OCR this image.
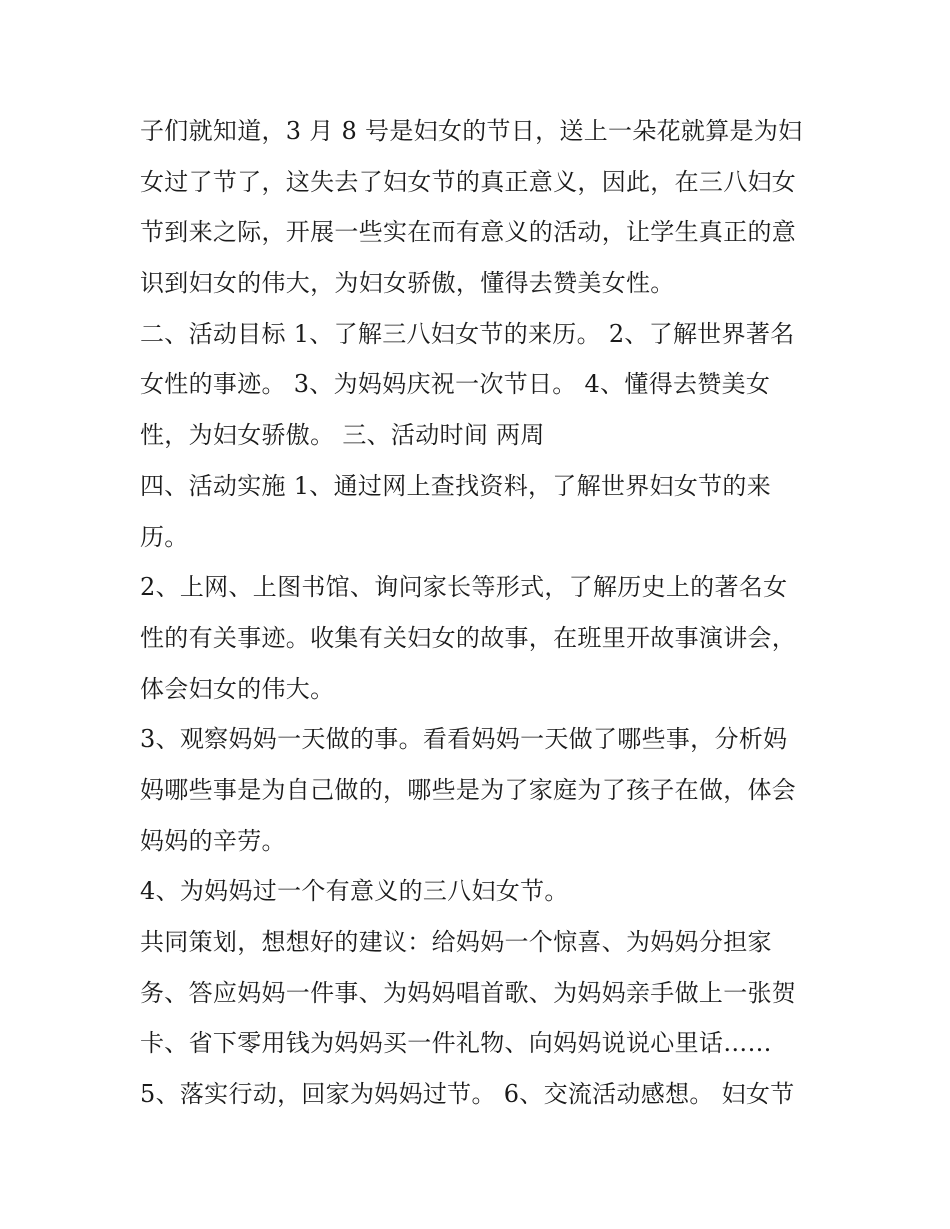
子们就知道，3 月 8 号是妇女的节日，送上一朵花就算是为妇
女过了节了，这失去了妇女节的真正意义，因此，在三八妇女
节到来之际，开展一些实在而有意义的活动，让学生真正的意
识到妇女的伟大，为妇女骄傲，懂得去赞美女性。
二、活动目标 1、了解三八妇女节的来历。 2、了解世界著名
女性的事迹。 3、为妈妈庆祝一次节日。 4、懂得去赞美女
性，为妇女骄傲。 三、活动时间 两周
四、活动实施 1、通过网上查找资料，了解世界妇女节的来
历。
2、上网、上图书馆、询问家长等形式，了解历史上的著名女
性的有关事迹。收集有关妇女的故事，在班里开故事演讲会，
体会妇女的伟大。
3、观察妈妈一天做的事。看看妈妈一天做了哪些事，分析妈
妈哪些事是为自己做的，哪些是为了家庭为了孩子在做，体会
妈妈的辛劳。
4、为妈妈过一个有意义的三八妇女节。
共同策划，想想好的建议：给妈妈一个惊喜、为妈妈分担家
务、答应妈妈一件事、为妈妈唱首歌、为妈妈亲手做上一张贺
卡、省下零用钱为妈妈买一件礼物、向妈妈说说心里话……
5、落实行动，回家为妈妈过节。 6、交流活动感想。 妇女节
